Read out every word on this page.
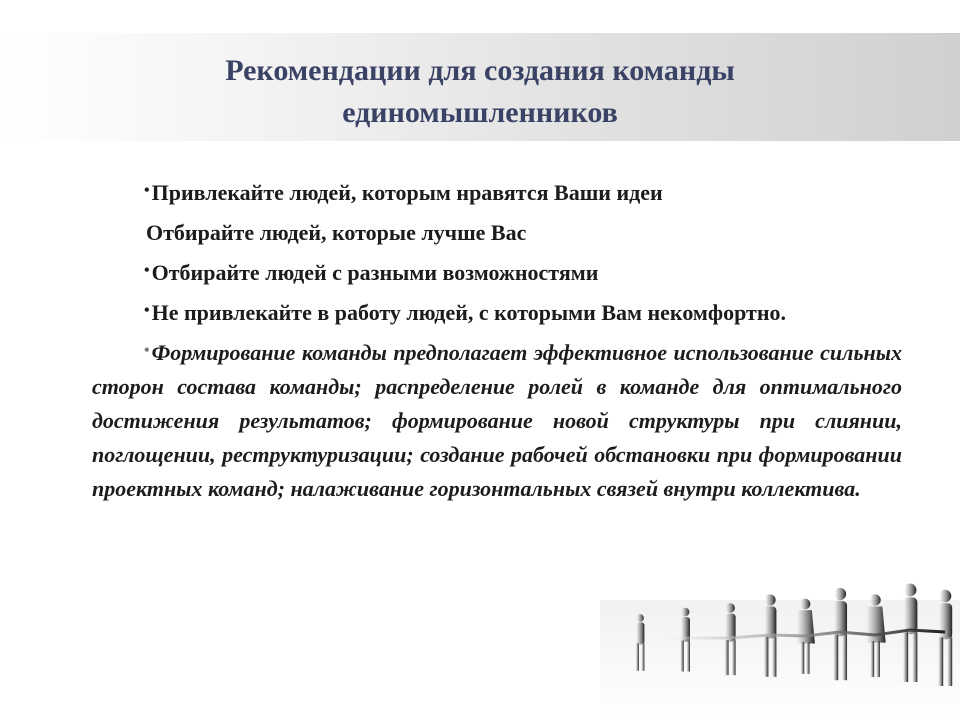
Рекомендации для создания команды
единомышленников

•Привлекайте людей, которым нравятся Ваши идеи

Отбирайте людей, которые лучше Вас

•Отбирайте людей с разными возможностями

•Не привлекайте в работу людей, с которыми Вам некомфортно.

•Формирование команды предполагает эффективное использование сильных сторон состава команды; распределение ролей в команде для оптимального достижения результатов; формирование новой структуры при слиянии, поглощении, реструктуризации; создание рабочей обстановки при формировании проектных команд; налаживание горизонтальных связей внутри коллектива.
